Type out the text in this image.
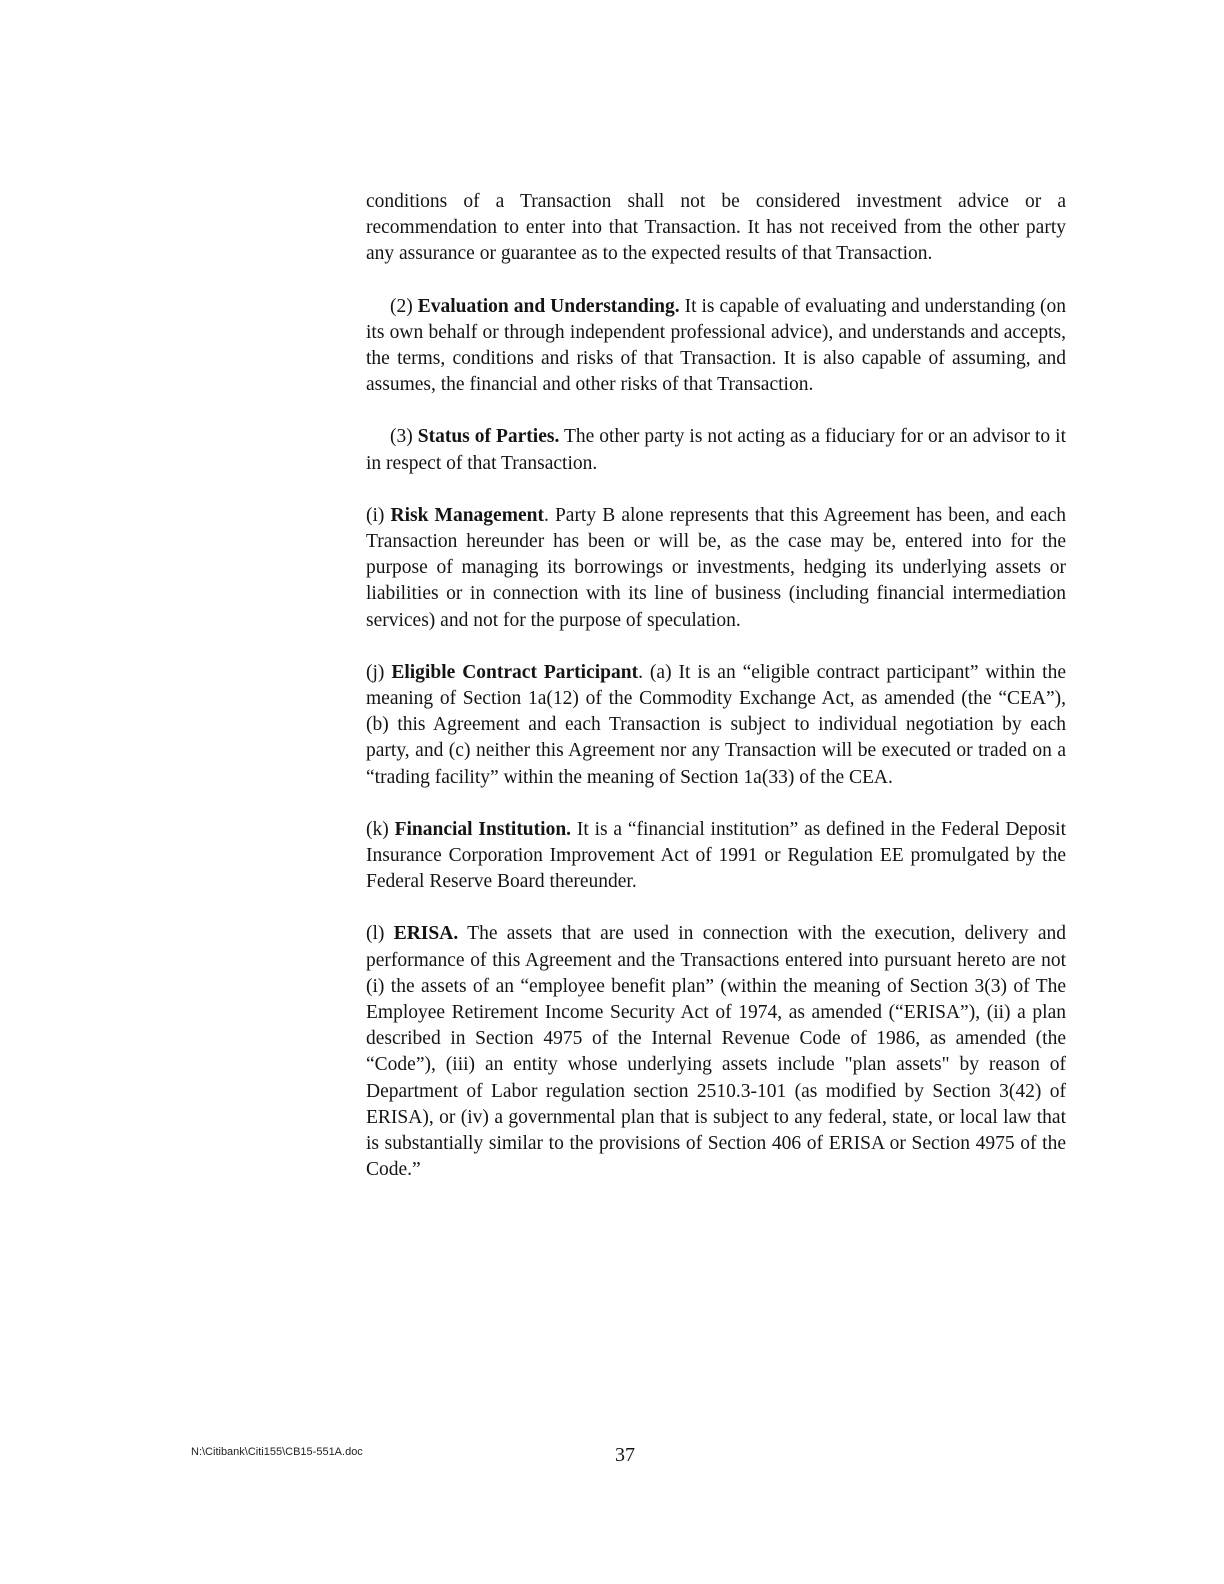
conditions of a Transaction shall not be considered investment advice or a recommendation to enter into that Transaction. It has not received from the other party any assurance or guarantee as to the expected results of that Transaction.

(2) Evaluation and Understanding. It is capable of evaluating and understanding (on its own behalf or through independent professional advice), and understands and accepts, the terms, conditions and risks of that Transaction. It is also capable of assuming, and assumes, the financial and other risks of that Transaction.

(3) Status of Parties. The other party is not acting as a fiduciary for or an advisor to it in respect of that Transaction.

(i) Risk Management. Party B alone represents that this Agreement has been, and each Transaction hereunder has been or will be, as the case may be, entered into for the purpose of managing its borrowings or investments, hedging its underlying assets or liabilities or in connection with its line of business (including financial intermediation services) and not for the purpose of speculation.

(j) Eligible Contract Participant. (a) It is an “eligible contract participant” within the meaning of Section 1a(12) of the Commodity Exchange Act, as amended (the “CEA”), (b) this Agreement and each Transaction is subject to individual negotiation by each party, and (c) neither this Agreement nor any Transaction will be executed or traded on a “trading facility” within the meaning of Section 1a(33) of the CEA.

(k) Financial Institution. It is a “financial institution” as defined in the Federal Deposit Insurance Corporation Improvement Act of 1991 or Regulation EE promulgated by the Federal Reserve Board thereunder.

(l) ERISA. The assets that are used in connection with the execution, delivery and performance of this Agreement and the Transactions entered into pursuant hereto are not (i) the assets of an “employee benefit plan” (within the meaning of Section 3(3) of The Employee Retirement Income Security Act of 1974, as amended (“ERISA”), (ii) a plan described in Section 4975 of the Internal Revenue Code of 1986, as amended (the “Code”), (iii) an entity whose underlying assets include "plan assets" by reason of Department of Labor regulation section 2510.3-101 (as modified by Section 3(42) of ERISA), or (iv) a governmental plan that is subject to any federal, state, or local law that is substantially similar to the provisions of Section 406 of ERISA or Section 4975 of the Code.”

N:\Citibank\Citi155\CB15-551A.doc	37
